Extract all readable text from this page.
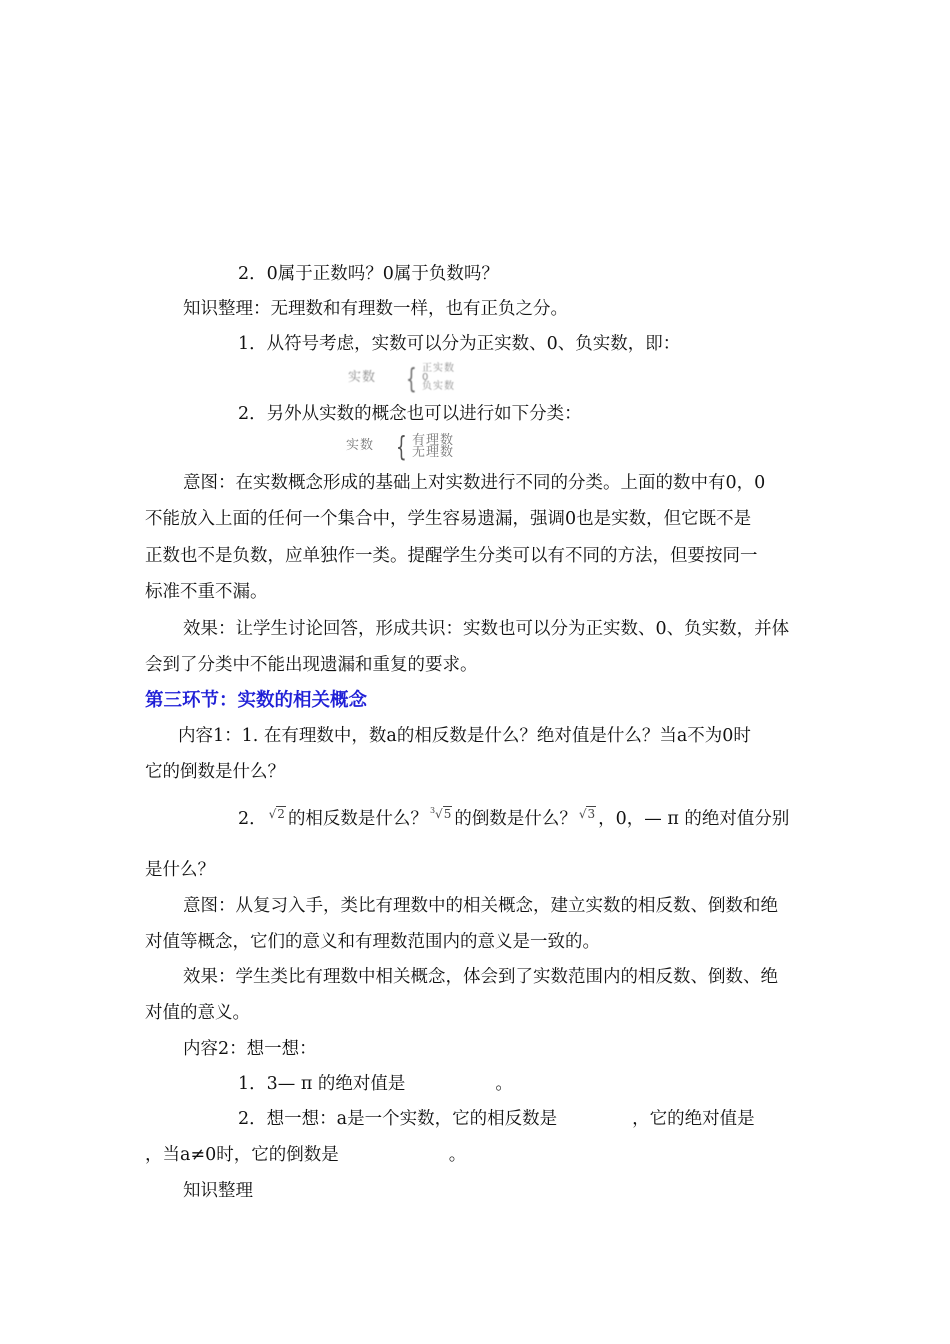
2．0属于正数吗？0属于负数吗？
知识整理：无理数和有理数一样，也有正负之分。
1．从符号考虑，实数可以分为正实数、0、负实数，即：
实数 { 正实数
0
负实数
2．另外从实数的概念也可以进行如下分类：
实数 { 有理数
无理数
意图：在实数概念形成的基础上对实数进行不同的分类。上面的数中有0，0
不能放入上面的任何一个集合中，学生容易遗漏，强调0也是实数，但它既不是
正数也不是负数，应单独作一类。提醒学生分类可以有不同的方法，但要按同一
标准不重不漏。
效果：让学生讨论回答，形成共识：实数也可以分为正实数、0、负实数，并体
会到了分类中不能出现遗漏和重复的要求。
第三环节：实数的相关概念
内容1：1. 在有理数中，数a的相反数是什么？绝对值是什么？当a不为0时
它的倒数是什么？
2． √2 的相反数是什么？ $^3$√5 的倒数是什么？ √3 ，0，— π 的绝对值分别
是什么？
意图：从复习入手，类比有理数中的相关概念，建立实数的相反数、倒数和绝
对值等概念，它们的意义和有理数范围内的意义是一致的。
效果：学生类比有理数中相关概念，体会到了实数范围内的相反数、倒数、绝
对值的意义。
内容2：想一想：
1．3— π 的绝对值是	。
2．想一想：a是一个实数，它的相反数是	，它的绝对值是
，当a≠0时，它的倒数是	。
知识整理
